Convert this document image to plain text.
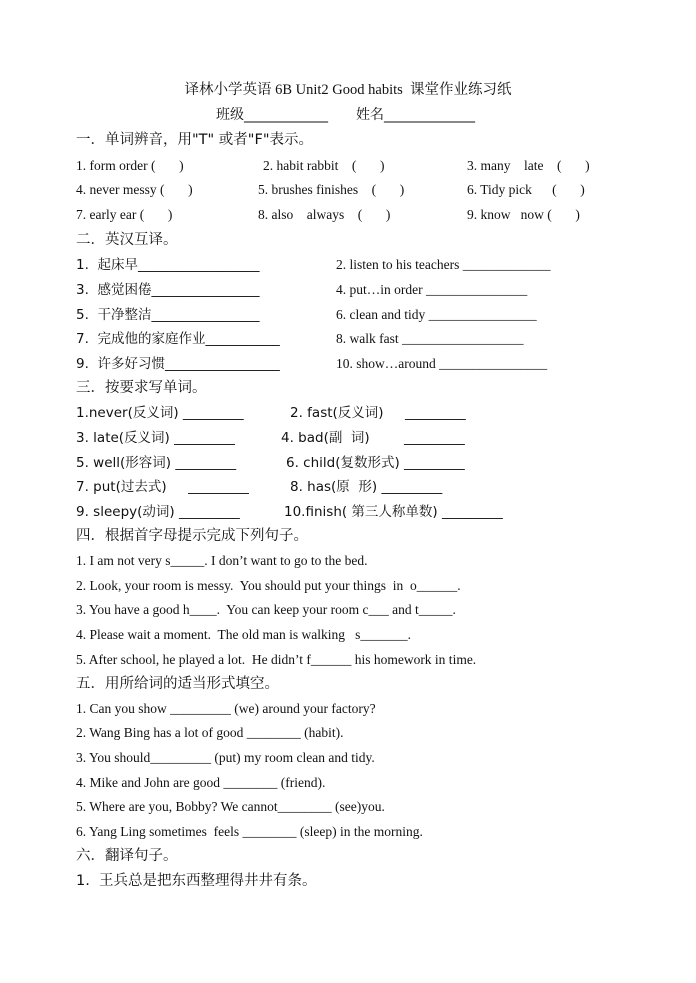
译林小学英语 6B Unit2 Good habits 课堂作业练习纸
班级____________ 姓名_____________
一．单词辨音，用"T" 或者"F"表示。
1. form order (       )	2. habit rabbit    (       )	3. many    late    (       )
4. never messy (       )	5. brushes finishes    (       )	6. Tidy pick      (       )
7. early ear (       )	8. also    always    (       )	9. know   now (       )
二．英汉互译。
1.  起床早__________________	2. listen to his teachers _____________
3.  感觉困倦________________	4. put…in order _______________
5.  干净整洁________________	6. clean and tidy ________________
7.  完成他的家庭作业___________	8. walk fast __________________
9.  许多好习惯_________________	10. show…around ________________
三．按要求写单词。
1.never(反义词) _________	2. fast(反义词)     _________
3. late(反义词) _________	4. bad(副  词)        _________
5. well(形容词) _________	6. child(复数形式) _________
7. put(过去式)     _________	8. has(原  形) _________
9. sleepy(动词) _________	10.finish( 第三人称单数) _________
四．根据首字母提示完成下列句子。
1. I am not very s_____. I don’t want to go to the bed.
2. Look, your room is messy.  You should put your things  in  o______.
3. You have a good h____.  You can keep your room c___ and t_____.
4. Please wait a moment.  The old man is walking   s_______.
5. After school, he played a lot.  He didn’t f______ his homework in time.
五．用所给词的适当形式填空。
1. Can you show _________ (we) around your factory?
2. Wang Bing has a lot of good ________ (habit).
3. You should_________ (put) my room clean and tidy.
4. Mike and John are good ________ (friend).
5. Where are you, Bobby? We cannot________ (see)you.
6. Yang Ling sometimes  feels ________ (sleep) in the morning.
六．翻译句子。
1.  王兵总是把东西整理得井井有条。
